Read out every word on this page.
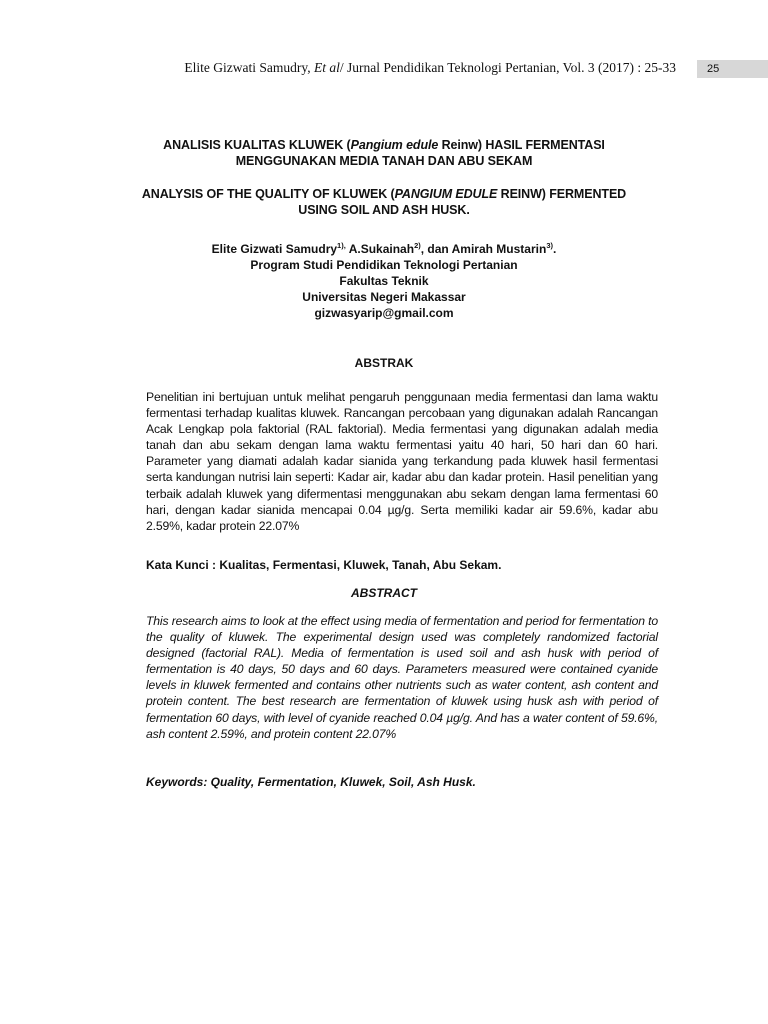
Elite Gizwati Samudry, Et al/ Jurnal Pendidikan Teknologi Pertanian, Vol. 3 (2017) : 25-33	25
ANALISIS KUALITAS KLUWEK (Pangium edule Reinw) HASIL FERMENTASI
MENGGUNAKAN MEDIA TANAH DAN ABU SEKAM
ANALYSIS OF THE QUALITY OF KLUWEK (PANGIUM EDULE REINW) FERMENTED
USING SOIL AND ASH HUSK.
Elite Gizwati Samudry$^{1),}$ A.Sukainah$^{2)}$, dan Amirah Mustarin$^{3)}$.
Program Studi Pendidikan Teknologi Pertanian
Fakultas Teknik
Universitas Negeri Makassar
gizwasyarip@gmail.com
ABSTRAK
Penelitian ini bertujuan untuk melihat pengaruh penggunaan media fermentasi dan lama waktu fermentasi terhadap kualitas kluwek. Rancangan percobaan yang digunakan adalah Rancangan Acak Lengkap pola faktorial (RAL faktorial). Media fermentasi yang digunakan adalah media tanah dan abu sekam dengan lama waktu fermentasi yaitu 40 hari, 50 hari dan 60 hari. Parameter yang diamati adalah kadar sianida yang terkandung pada kluwek hasil fermentasi serta kandungan nutrisi lain seperti: Kadar air, kadar abu dan kadar protein. Hasil penelitian yang terbaik adalah kluwek yang difermentasi menggunakan abu sekam dengan lama fermentasi 60 hari, dengan kadar sianida mencapai 0.04 µg/g. Serta memiliki kadar air 59.6%, kadar abu 2.59%, kadar protein 22.07%
Kata Kunci : Kualitas, Fermentasi, Kluwek, Tanah, Abu Sekam.
ABSTRACT
This research aims to look at the effect using media of fermentation and period for fermentation to the quality of kluwek. The experimental design used was completely randomized factorial designed (factorial RAL). Media of fermentation is used soil and ash husk with period of fermentation is 40 days, 50 days and 60 days. Parameters measured were contained cyanide levels in kluwek fermented and contains other nutrients such as water content, ash content and protein content. The best research are fermentation of kluwek using husk ash with period of fermentation 60 days, with level of cyanide reached 0.04 µg/g. And has a water content of 59.6%, ash content 2.59%, and protein content 22.07%
Keywords: Quality, Fermentation, Kluwek, Soil, Ash Husk.
